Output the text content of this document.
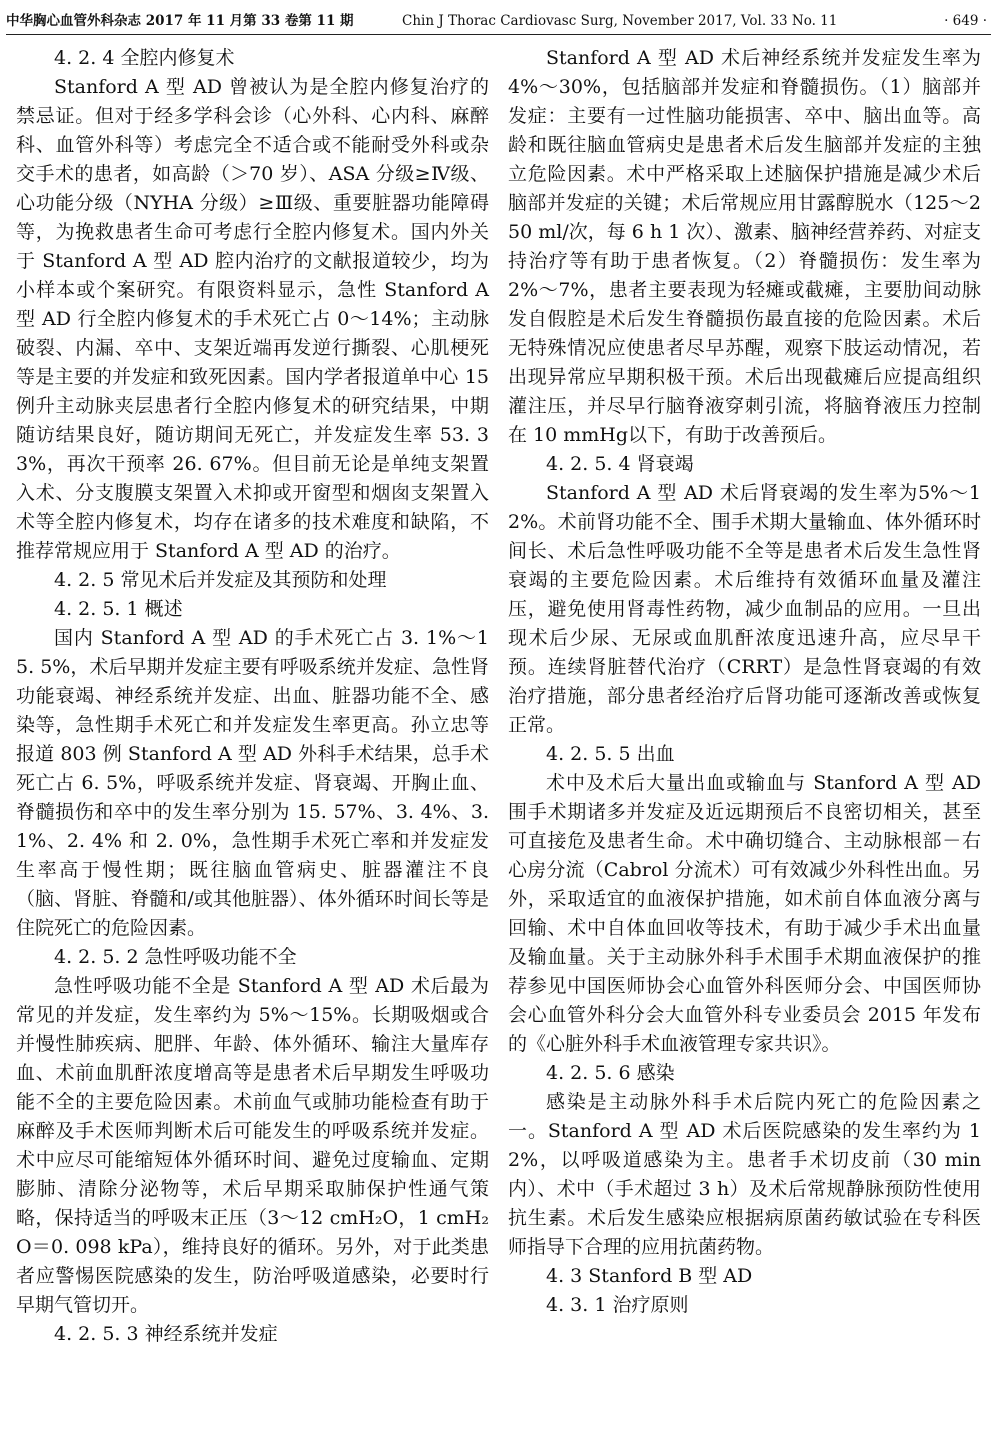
中华胸心血管外科杂志 2017 年 11 月第 33 卷第 11 期	Chin J Thorac Cardiovasc Surg, November 2017, Vol. 33 No. 11	· 649 ·
4. 2. 4 全腔内修复术

Stanford A 型 AD 曾被认为是全腔内修复治疗的禁忌证。但对于经多学科会诊（心外科、心内科、麻醉科、血管外科等）考虑完全不适合或不能耐受外科或杂交手术的患者，如高龄（＞70 岁）、ASA 分级≥Ⅳ级、心功能分级（NYHA 分级）≥Ⅲ级、重要脏器功能障碍等，为挽救患者生命可考虑行全腔内修复术。国内外关于 Stanford A 型 AD 腔内治疗的文献报道较少，均为小样本或个案研究。有限资料显示，急性 Stanford A 型 AD 行全腔内修复术的手术死亡占 0～14%；主动脉破裂、内漏、卒中、支架近端再发逆行撕裂、心肌梗死等是主要的并发症和致死因素。国内学者报道单中心 15 例升主动脉夹层患者行全腔内修复术的研究结果，中期随访结果良好，随访期间无死亡，并发症发生率 53. 33%，再次干预率 26. 67%。但目前无论是单纯支架置入术、分支腹膜支架置入术抑或开窗型和烟囱支架置入术等全腔内修复术，均存在诸多的技术难度和缺陷，不推荐常规应用于 Stanford A 型 AD 的治疗。

4. 2. 5 常见术后并发症及其预防和处理
4. 2. 5. 1 概述

国内 Stanford A 型 AD 的手术死亡占 3. 1%～15. 5%，术后早期并发症主要有呼吸系统并发症、急性肾功能衰竭、神经系统并发症、出血、脏器功能不全、感染等，急性期手术死亡和并发症发生率更高。孙立忠等报道 803 例 Stanford A 型 AD 外科手术结果，总手术死亡占 6. 5%，呼吸系统并发症、肾衰竭、开胸止血、脊髓损伤和卒中的发生率分别为 15. 57%、3. 4%、3. 1%、2. 4% 和 2. 0%，急性期手术死亡率和并发症发生率高于慢性期；既往脑血管病史、脏器灌注不良（脑、肾脏、脊髓和/或其他脏器）、体外循环时间长等是住院死亡的危险因素。

4. 2. 5. 2 急性呼吸功能不全

急性呼吸功能不全是 Stanford A 型 AD 术后最为常见的并发症，发生率约为 5%～15%。长期吸烟或合并慢性肺疾病、肥胖、年龄、体外循环、输注大量库存血、术前血肌酐浓度增高等是患者术后早期发生呼吸功能不全的主要危险因素。术前血气或肺功能检查有助于麻醉及手术医师判断术后可能发生的呼吸系统并发症。术中应尽可能缩短体外循环时间、避免过度输血、定期膨肺、清除分泌物等，术后早期采取肺保护性通气策略，保持适当的呼吸末正压（3～12 cmH₂O，1 cmH₂O＝0. 098 kPa），维持良好的循环。另外，对于此类患者应警惕医院感染的发生，防治呼吸道感染，必要时行早期气管切开。

4. 2. 5. 3 神经系统并发症

Stanford A 型 AD 术后神经系统并发症发生率为 4%～30%，包括脑部并发症和脊髓损伤。（1）脑部并发症：主要有一过性脑功能损害、卒中、脑出血等。高龄和既往脑血管病史是患者术后发生脑部并发症的主独立危险因素。术中严格采取上述脑保护措施是减少术后脑部并发症的关键；术后常规应用甘露醇脱水（125～250 ml/次，每 6 h 1 次）、激素、脑神经营养药、对症支持治疗等有助于患者恢复。（2）脊髓损伤：发生率为 2%～7%，患者主要表现为轻瘫或截瘫，主要肋间动脉发自假腔是术后发生脊髓损伤最直接的危险因素。术后无特殊情况应使患者尽早苏醒，观察下肢运动情况，若出现异常应早期积极干预。术后出现截瘫后应提高组织灌注压，并尽早行脑脊液穿刺引流，将脑脊液压力控制在 10 mmHg以下，有助于改善预后。

4. 2. 5. 4 肾衰竭

Stanford A 型 AD 术后肾衰竭的发生率为5%～12%。术前肾功能不全、围手术期大量输血、体外循环时间长、术后急性呼吸功能不全等是患者术后发生急性肾衰竭的主要危险因素。术后维持有效循环血量及灌注压，避免使用肾毒性药物，减少血制品的应用。一旦出现术后少尿、无尿或血肌酐浓度迅速升高，应尽早干预。连续肾脏替代治疗（CRRT）是急性肾衰竭的有效治疗措施，部分患者经治疗后肾功能可逐渐改善或恢复正常。

4. 2. 5. 5 出血

术中及术后大量出血或输血与 Stanford A 型 AD 围手术期诸多并发症及近远期预后不良密切相关，甚至可直接危及患者生命。术中确切缝合、主动脉根部－右心房分流（Cabrol 分流术）可有效减少外科性出血。另外，采取适宜的血液保护措施，如术前自体血液分离与回输、术中自体血回收等技术，有助于减少手术出血量及输血量。关于主动脉外科手术围手术期血液保护的推荐参见中国医师协会心血管外科医师分会、中国医师协会心血管外科分会大血管外科专业委员会 2015 年发布的《心脏外科手术血液管理专家共识》。

4. 2. 5. 6 感染

感染是主动脉外科手术后院内死亡的危险因素之一。Stanford A 型 AD 术后医院感染的发生率约为 12%，以呼吸道感染为主。患者手术切皮前（30 min 内）、术中（手术超过 3 h）及术后常规静脉预防性使用抗生素。术后发生感染应根据病原菌药敏试验在专科医师指导下合理的应用抗菌药物。

4. 3 Stanford B 型 AD
4. 3. 1 治疗原则
